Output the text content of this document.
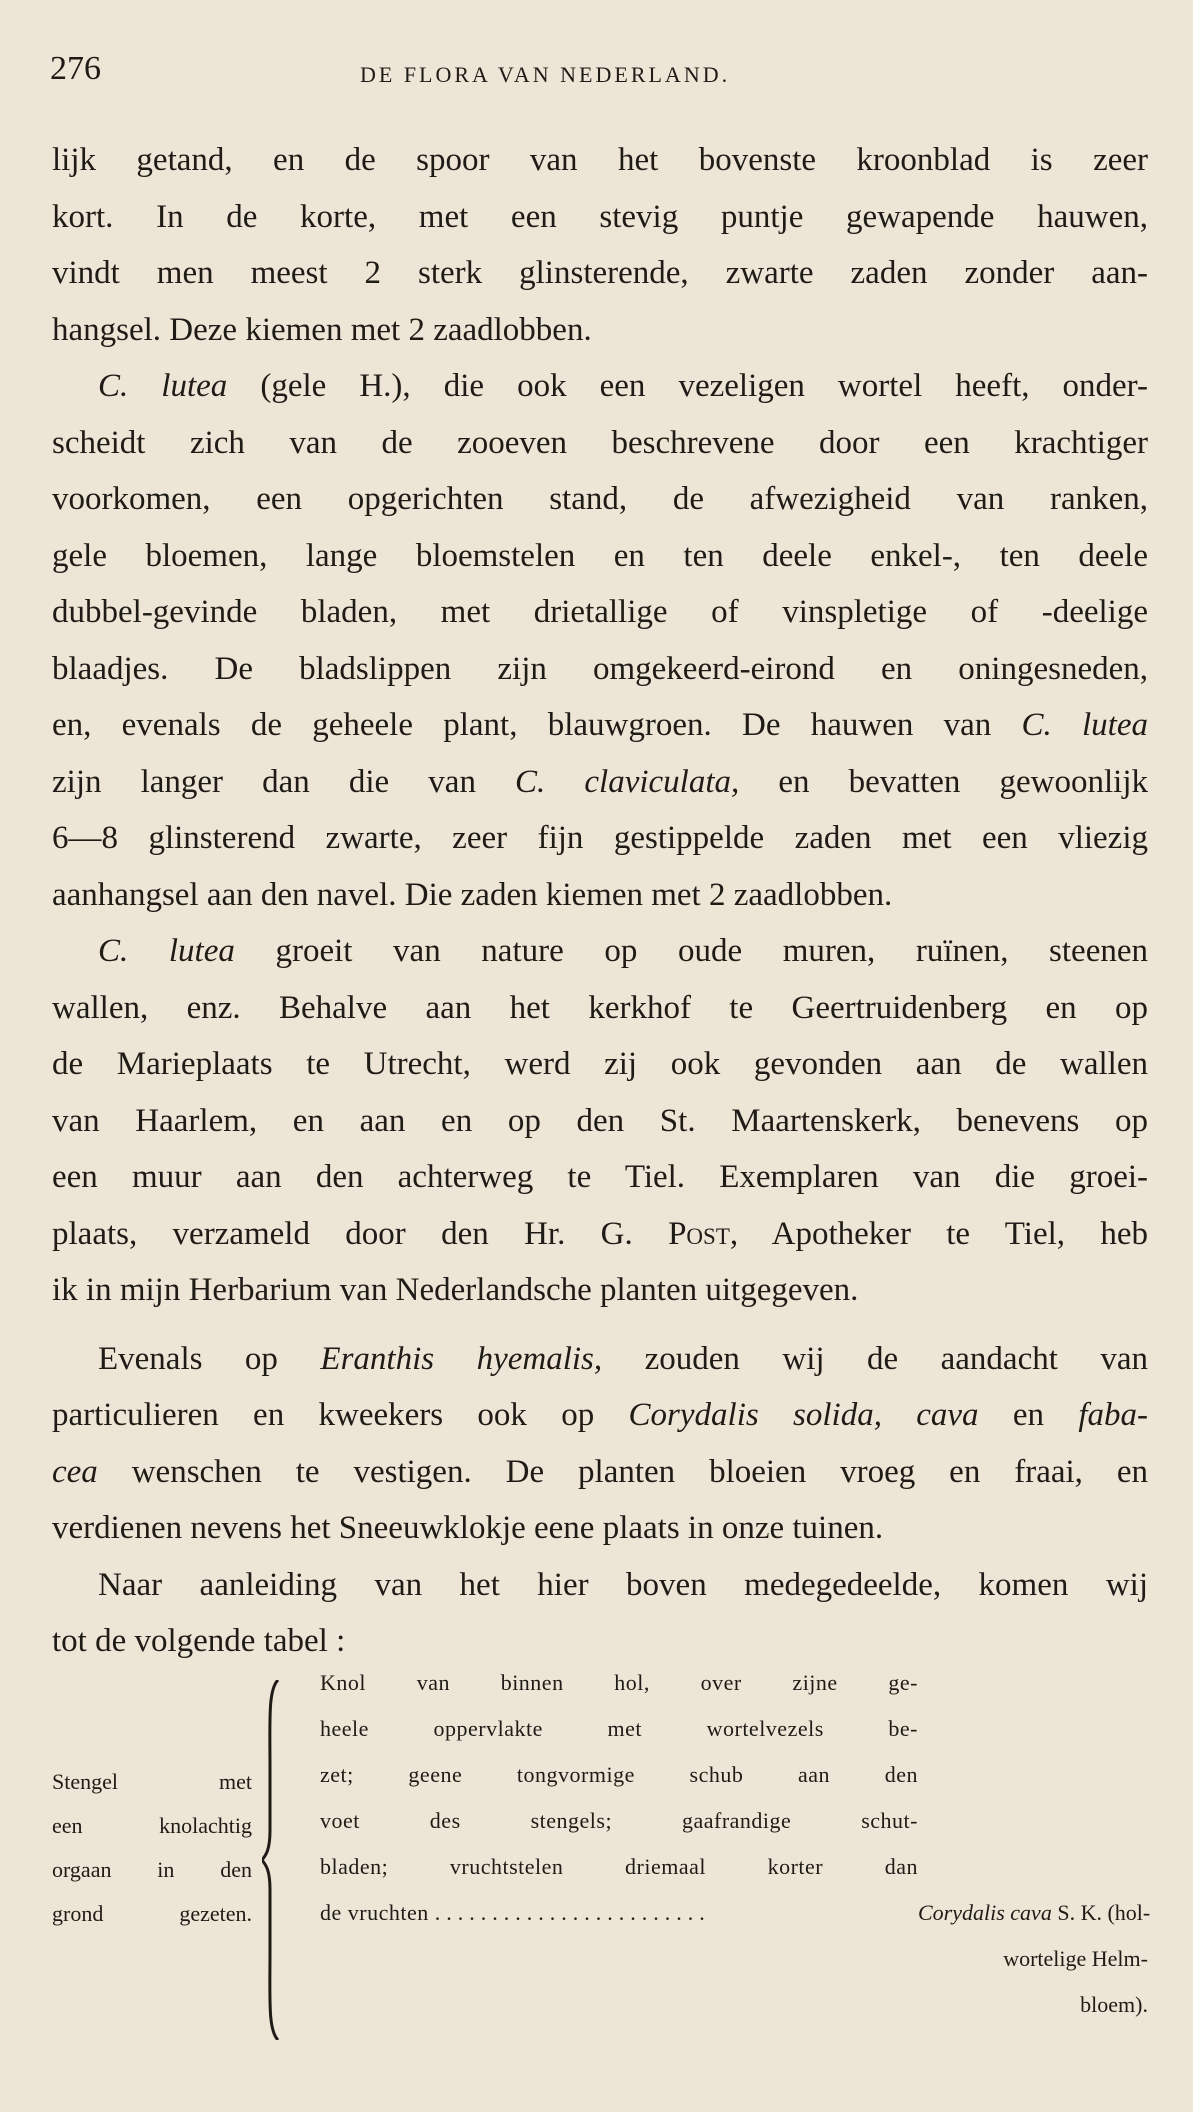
276	DE FLORA VAN NEDERLAND.
lijk getand, en de spoor van het bovenste kroonblad is zeer
kort. In de korte, met een stevig puntje gewapende hauwen,
vindt men meest 2 sterk glinsterende, zwarte zaden zonder aan-
hangsel. Deze kiemen met 2 zaadlobben.
C. lutea (gele H.), die ook een vezeligen wortel heeft, onder-
scheidt zich van de zooeven beschrevene door een krachtiger
voorkomen, een opgerichten stand, de afwezigheid van ranken,
gele bloemen, lange bloemstelen en ten deele enkel-, ten deele
dubbel-gevinde bladen, met drietallige of vinspletige of -deelige
blaadjes. De bladslippen zijn omgekeerd-eirond en oningesneden,
en, evenals de geheele plant, blauwgroen. De hauwen van C. lutea
zijn langer dan die van C. claviculata, en bevatten gewoonlijk
6—8 glinsterend zwarte, zeer fijn gestippelde zaden met een vliezig
aanhangsel aan den navel. Die zaden kiemen met 2 zaadlobben.
C. lutea groeit van nature op oude muren, ruïnen, steenen
wallen, enz. Behalve aan het kerkhof te Geertruidenberg en op
de Marieplaats te Utrecht, werd zij ook gevonden aan de wallen
van Haarlem, en aan en op den St. Maartenskerk, benevens op
een muur aan den achterweg te Tiel. Exemplaren van die groei-
plaats, verzameld door den Hr. G. Post, Apotheker te Tiel, heb
ik in mijn Herbarium van Nederlandsche planten uitgegeven.
Evenals op Eranthis hyemalis, zouden wij de aandacht van
particulieren en kweekers ook op Corydalis solida, cava en faba-
cea wenschen te vestigen. De planten bloeien vroeg en fraai, en
verdienen nevens het Sneeuwklokje eene plaats in onze tuinen.
Naar aanleiding van het hier boven medegedeelde, komen wij
tot de volgende tabel :
Stengel met
een knolachtig
orgaan in den
grond gezeten.
Knol van binnen hol, over zijne ge-
heele oppervlakte met wortelvezels be-
zet; geene tongvormige schub aan den
voet des stengels; gaafrandige schut-
bladen; vruchtstelen driemaal korter dan
de vruchten ........................	Corydalis cava S. K. (hol-
wortelige Helm-
bloem).
